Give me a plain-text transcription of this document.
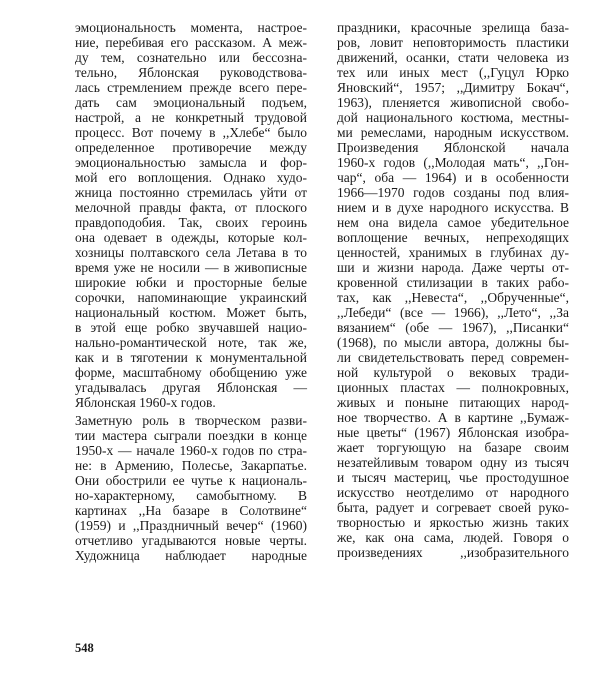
эмоциональность момента, настрое-
ние, перебивая его рассказом. А меж-
ду тем, сознательно или бессозна-
тельно, Яблонская руководствова-
лась стремлением прежде всего пере-
дать сам эмоциональный подъем,
настрой, а не конкретный трудовой
процесс. Вот почему в ,,Хлебе“ было
определенное противоречие между
эмоциональностью замысла и фор-
мой его воплощения. Однако худо-
жница постоянно стремилась уйти от
мелочной правды факта, от плоского
правдоподобия. Так, своих героинь
она одевает в одежды, которые кол-
хозницы полтавского села Летава в то
время уже не носили — в живописные
широкие юбки и просторные белые
сорочки, напоминающие украинский
национальный костюм. Может быть,
в этой еще робко звучавшей нацио-
нально-романтической ноте, так же,
как и в тяготении к монументальной
форме, масштабному обобщению уже
угадывалась другая Яблонская —
Яблонская 1960-х годов.
Заметную роль в творческом разви-
тии мастера сыграли поездки в конце
1950-х — начале 1960-х годов по стра-
не: в Армению, Полесье, Закарпатье.
Они обострили ее чутье к националь-
но-характерному, самобытному. В
картинах ,,На базаре в Солотвине“
(1959) и ,,Праздничный вечер“ (1960)
отчетливо угадываются новые черты.
Художница наблюдает народные
праздники, красочные зрелища база-
ров, ловит неповторимость пластики
движений, осанки, стати человека из
тех или иных мест (,,Гуцул Юрко
Яновский“, 1957; ,,Димитру Бокач“,
1963), пленяется живописной свобо-
дой национального костюма, местны-
ми ремеслами, народным искусством.
Произведения Яблонской начала
1960-х годов (,,Молодая мать“, ,,Гон-
чар“, оба — 1964) и в особенности
1966—1970 годов созданы под влия-
нием и в духе народного искусства. В
нем она видела самое убедительное
воплощение вечных, непреходящих
ценностей, хранимых в глубинах ду-
ши и жизни народа. Даже черты от-
кровенной стилизации в таких рабо-
тах, как ,,Невеста“, ,,Обрученные“,
,,Лебеди“ (все — 1966), ,,Лето“, ,,За
вязанием“ (обе — 1967), ,,Писанки“
(1968), по мысли автора, должны бы-
ли свидетельствовать перед современ-
ной культурой о вековых тради-
ционных пластах — полнокровных,
живых и поныне питающих народ-
ное творчество. А в картине ,,Бумаж-
ные цветы“ (1967) Яблонская изобра-
жает торгующую на базаре своим
незатейливым товаром одну из тысяч
и тысяч мастериц, чье простодушное
искусство неотделимо от народного
быта, радует и согревает своей руко-
творностью и яркостью жизнь таких
же, как она сама, людей. Говоря о
произведениях ,,изобразительного
548
